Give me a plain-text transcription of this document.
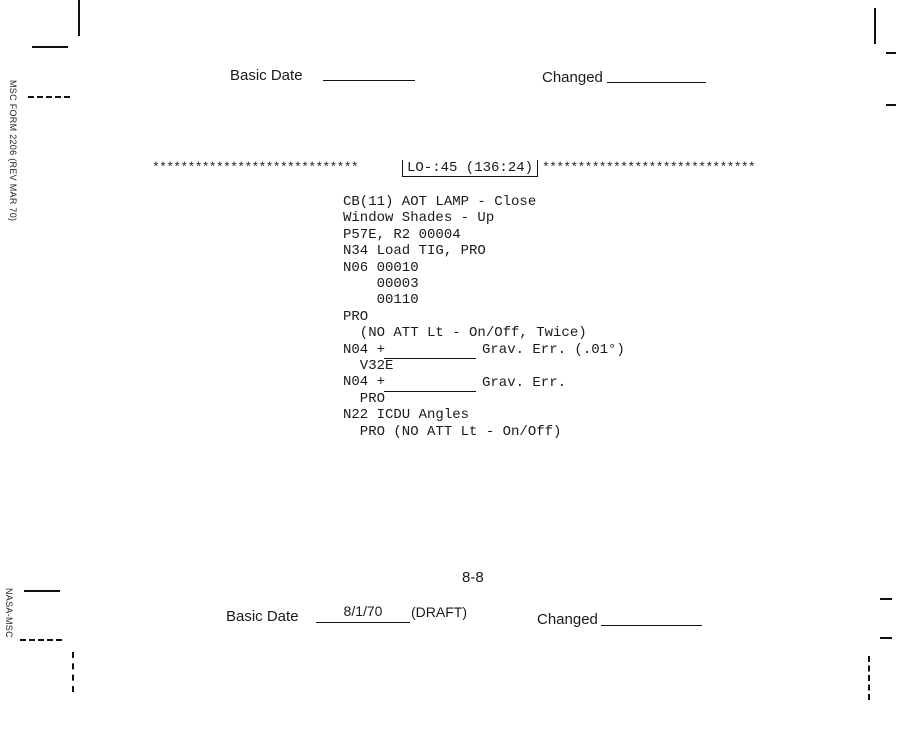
MSC FORM 2206 (REV MAR 70)
NASA-MSC
Basic Date	Changed
*****************************	LO-:45 (136:24) ******************************
CB(11) AOT LAMP - Close
Window Shades - Up
P57E, R2 00004
N34 Load TIG, PRO
N06 00010
00003
00110
PRO
(NO ATT Lt - On/Off, Twice)
N04 +
V32E
N04 +
PRO
N22 ICDU Angles
PRO (NO ATT Lt - On/Off)
Grav. Err. (.01°)
Grav. Err.
8-8
Basic Date	8/1/70	(DRAFT)	Changed
